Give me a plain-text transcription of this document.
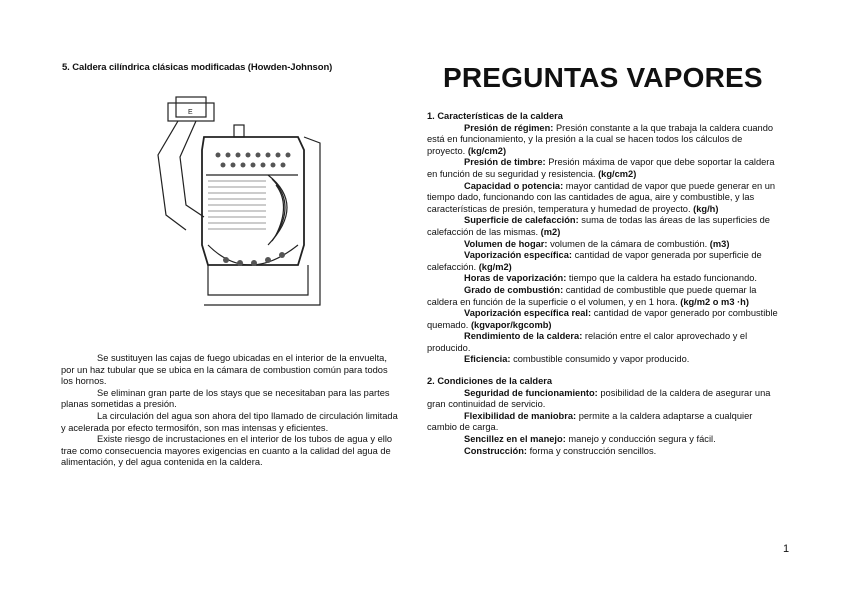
5. Caldera cilíndrica clásicas modificadas (Howden-Johnson)
E

Se sustituyen las cajas de fuego ubicadas en el interior de la envuelta, por un haz tubular que se ubica en la cámara de combustion común para todos los hornos.

Se eliminan gran parte de los stays que se necesitaban para las partes planas sometidas a presión.

La circulación del agua son ahora del tipo llamado de circulación limitada y acelerada por efecto termosifón, son mas intensas y eficientes.

Existe riesgo de incrustaciones en el interior de los tubos de agua y ello trae como consecuencia mayores exigencias en cuanto a la calidad del agua de alimentación, y del agua contenida en la caldera.

PREGUNTAS VAPORES

1. Características de la caldera

Presión de régimen: Presión constante a la que trabaja la caldera cuando está en funcionamiento, y la presión a la cual se hacen todos los cálculos de proyecto. (kg/cm2)

Presión de timbre: Presión máxima de vapor que debe soportar la caldera en función de su seguridad y resistencia. (kg/cm2)

Capacidad o potencia: mayor cantidad de vapor que puede generar en un tiempo dado, funcionando con las cantidades de agua, aire y combustible, y las características de presión, temperatura y humedad de proyecto. (kg/h)

Superficie de calefacción: suma de todas las áreas de las superficies de calefacción de las mismas. (m2)

Volumen de hogar: volumen de la cámara de combustión. (m3)

Vaporización específica: cantidad de vapor generada por superficie de calefacción. (kg/m2)

Horas de vaporización: tiempo que la caldera ha estado funcionando.

Grado de combustión: cantidad de combustible que puede quemar la caldera en función de la superficie o el volumen, y en 1 hora. (kg/m2 o m3 ·h)

Vaporización específica real: cantidad de vapor generado por combustible quemado. (kgvapor/kgcomb)

Rendimiento de la caldera: relación entre el calor aprovechado y el producido.

Eficiencia: combustible consumido y vapor producido.

2. Condiciones de la caldera

Seguridad de funcionamiento: posibilidad de la caldera de asegurar una gran continuidad de servicio.

Flexibilidad de maniobra: permite a la caldera adaptarse a cualquier cambio de carga.

Sencillez en el manejo: manejo y conducción segura y fácil.

Construcción: forma y construcción sencillos.

1
